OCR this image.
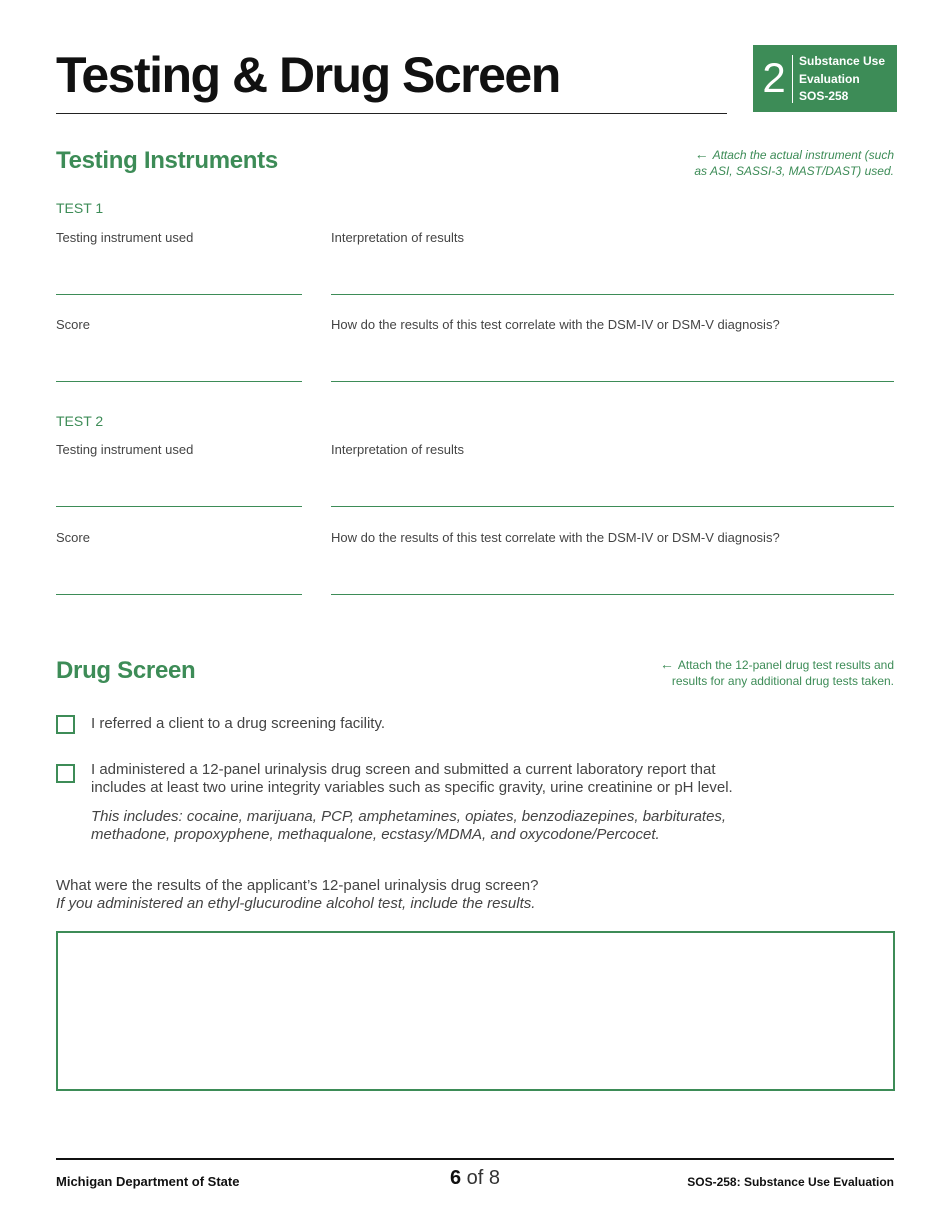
Testing & Drug Screen	2 Substance Use
Evaluation
SOS-258
Testing Instruments	← Attach the actual instrument (such
as ASI, SASSI-3, MAST/DAST) used.
TEST 1
Testing instrument used	Interpretation of results
Score	How do the results of this test correlate with the DSM-IV or DSM-V diagnosis?
TEST 2
Testing instrument used	Interpretation of results
Score	How do the results of this test correlate with the DSM-IV or DSM-V diagnosis?
Drug Screen	← Attach the 12-panel drug test results and
results for any additional drug tests taken.
I referred a client to a drug screening facility.
I administered a 12-panel urinalysis drug screen and submitted a current laboratory report that
includes at least two urine integrity variables such as specific gravity, urine creatinine or pH level.
This includes: cocaine, marijuana, PCP, amphetamines, opiates, benzodiazepines, barbiturates,
methadone, propoxyphene, methaqualone, ecstasy/MDMA, and oxycodone/Percocet.
What were the results of the applicant’s 12-panel urinalysis drug screen?
If you administered an ethyl-glucurodine alcohol test, include the results.
Michigan Department of State	6 of 8	SOS-258: Substance Use Evaluation
